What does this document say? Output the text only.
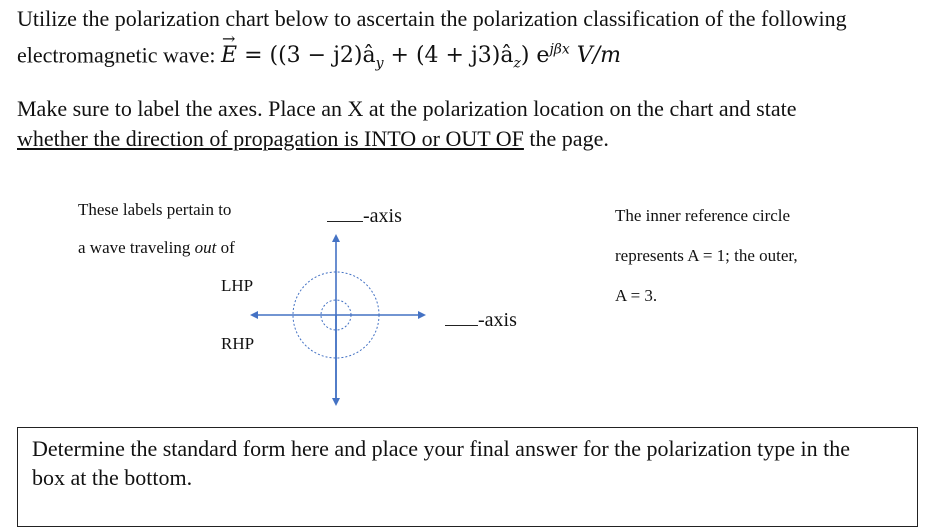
Utilize the polarization chart below to ascertain the polarization classification of the following
electromagnetic wave:
→
$E = ((3 - j2)â_y + (4$ + $j3)â_z$) $e^{j\beta x}$ V/m
Make sure to label the axes. Place an X at the polarization location on the chart and state
whether the direction of propagation is INTO or OUT OF the page.
These labels pertain to
a wave traveling out of
LHP
RHP
-axis
-axis
The inner reference circle
represents A = 1; the outer,
A = 3.
Determine the standard form here and place your final answer for the polarization type in the
box at the bottom.
